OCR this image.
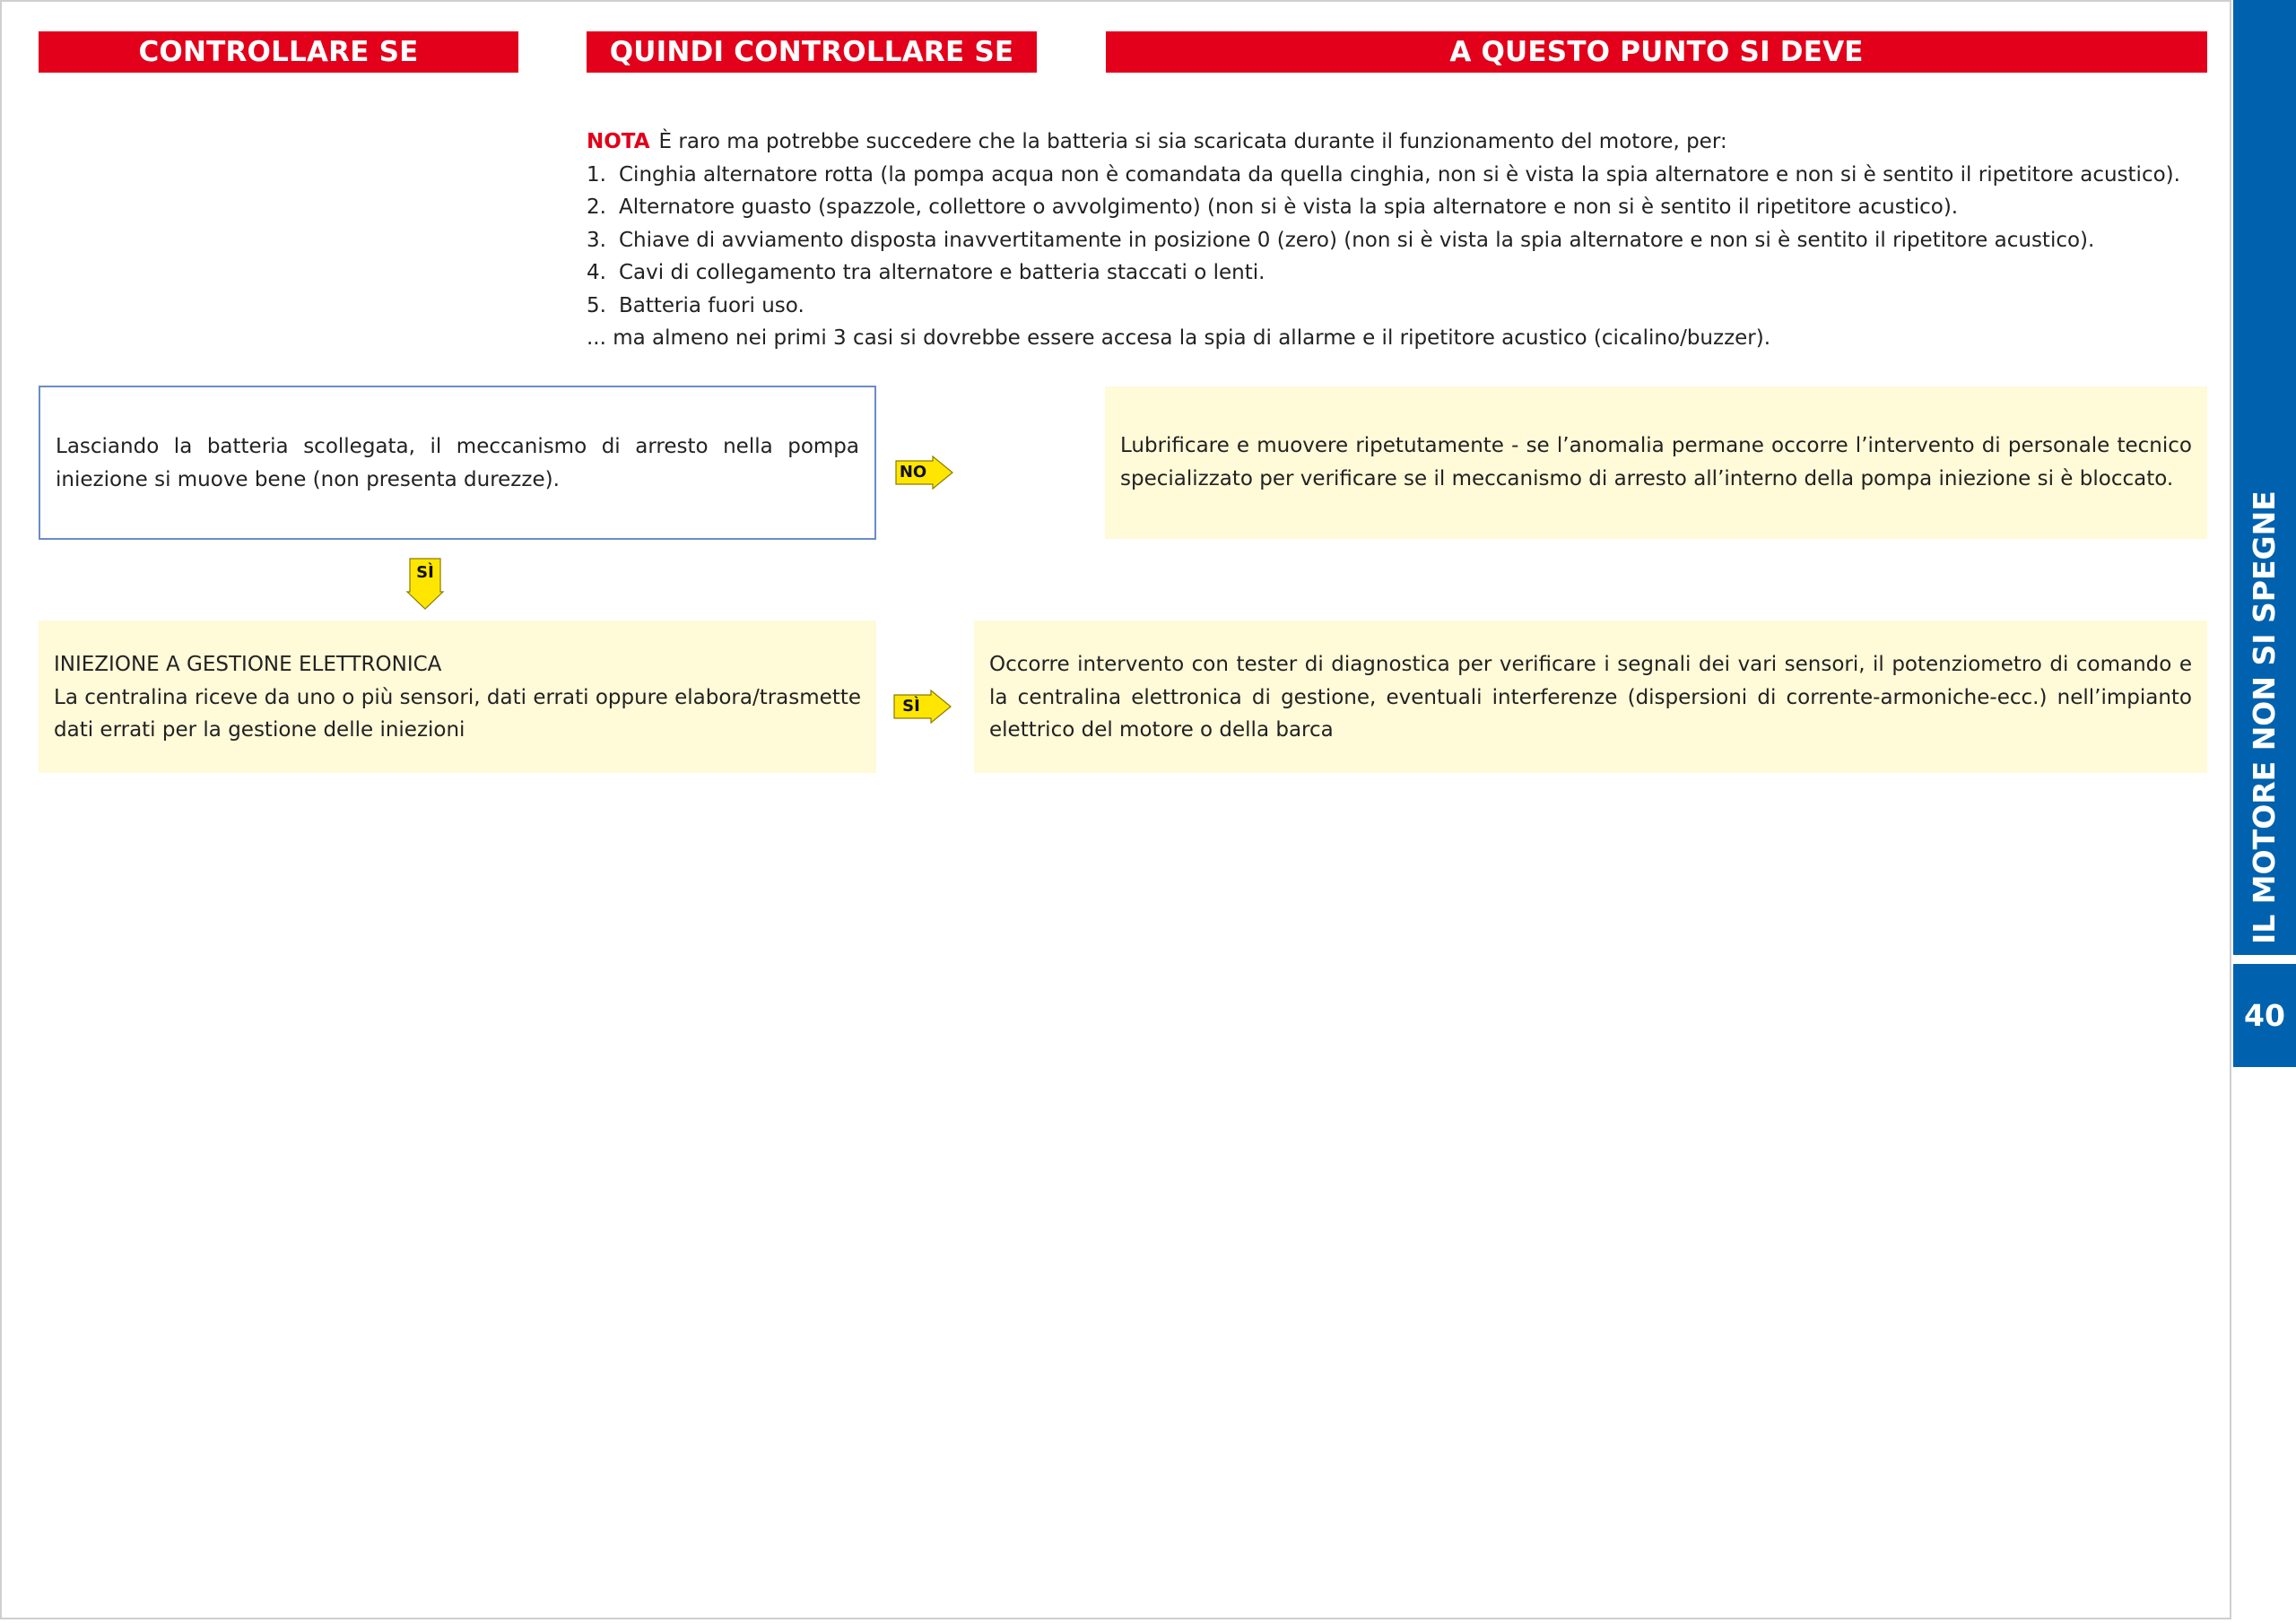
CONTROLLARE SE	QUINDI CONTROLLARE SE	A QUESTO PUNTO SI DEVE
NOTA È raro ma potrebbe succedere che la batteria si sia scaricata durante il funzionamento del motore, per:
1. Cinghia alternatore rotta (la pompa acqua non è comandata da quella cinghia, non si è vista la spia alternatore e non si è sentito il ripetitore acustico).
2. Alternatore guasto (spazzole, collettore o avvolgimento) (non si è vista la spia alternatore e non si è sentito il ripetitore acustico).
3. Chiave di avviamento disposta inavvertitamente in posizione 0 (zero) (non si è vista la spia alternatore e non si è sentito il ripetitore acustico).
4. Cavi di collegamento tra alternatore e batteria staccati o lenti.
5. Batteria fuori uso.
... ma almeno nei primi 3 casi si dovrebbe essere accesa la spia di allarme e il ripetitore acustico (cicalino/buzzer).
Lasciando la batteria scollegata, il meccanismo di arresto nella pompa iniezione si muove bene (non presenta durezze).	NO
Lubrificare e muovere ripetutamente - se l’anomalia permane occorre l’intervento di personale tecnico specializzato per verificare se il meccanismo di arresto all’interno della pompa iniezione si è bloccato.
SÌ
INIEZIONE A GESTIONE ELETTRONICA
La centralina riceve da uno o più sensori, dati errati oppure elabora/trasmette dati errati per la gestione delle iniezioni
SÌ
Occorre intervento con tester di diagnostica per verificare i segnali dei vari sensori, il potenziometro di comando e la centralina elettronica di gestione, eventuali interferenze (dispersioni di corrente-armoniche-ecc.) nell’impianto elettrico del motore o della barca	IL MOTORE NON SI SPEGNE
40
